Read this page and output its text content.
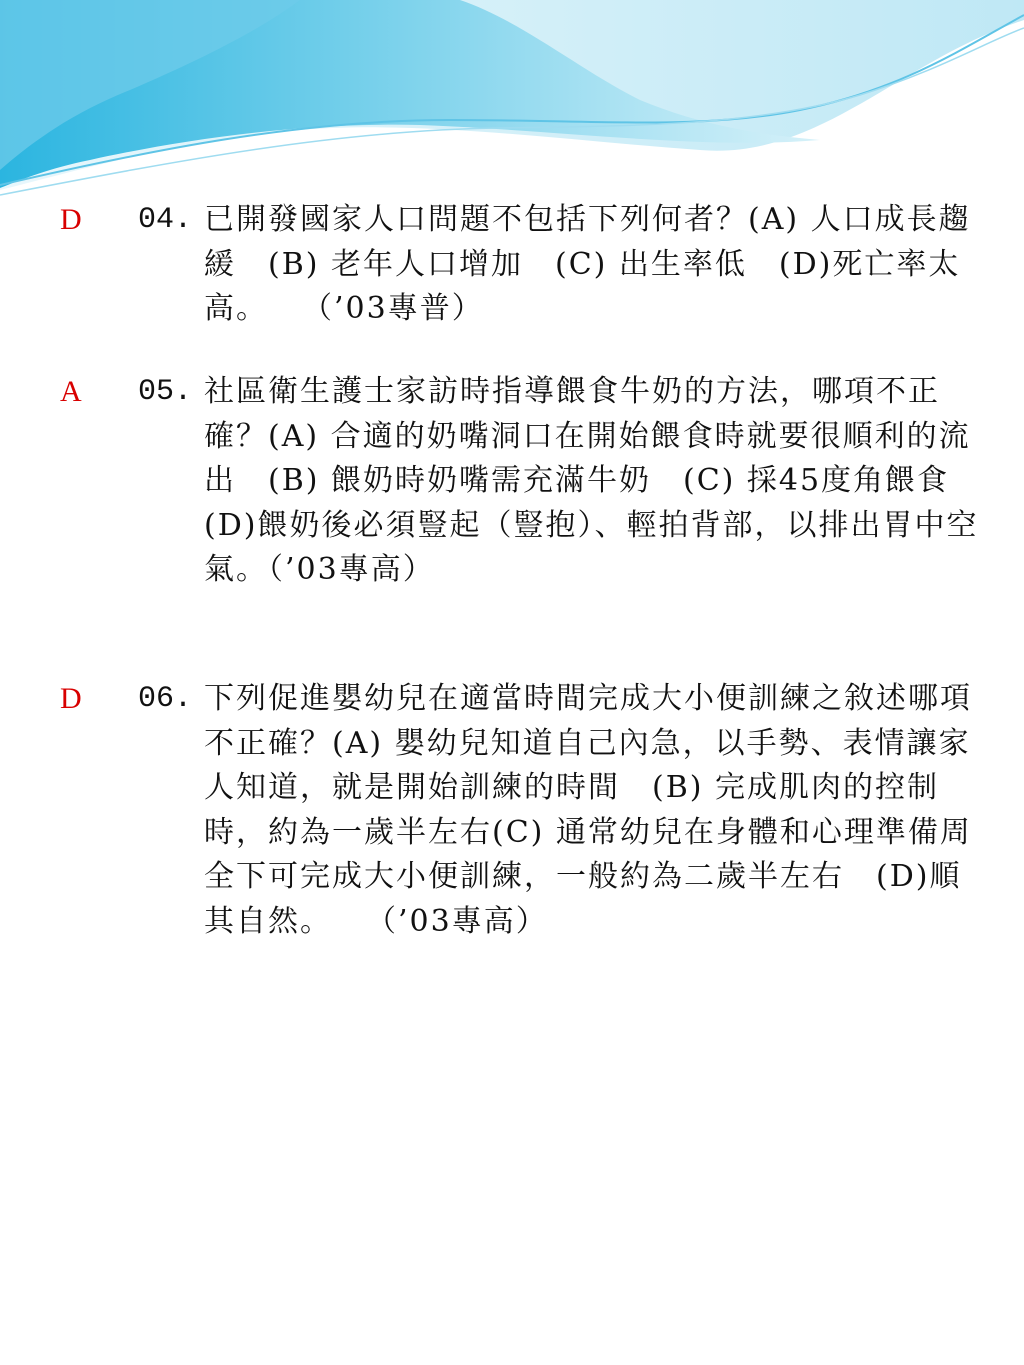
D 04. 已開發國家人口問題不包括下列何者？(A) 人口成長趨緩　(B) 老年人口增加　(C) 出生率低　(D)死亡率太高。　　（’03專普）
A 05. 社區衛生護士家訪時指導餵食牛奶的方法，哪項不正確？(A) 合適的奶嘴洞口在開始餵食時就要很順利的流出　(B) 餵奶時奶嘴需充滿牛奶　(C) 採45度角餵食　(D)餵奶後必須豎起（豎抱）、輕拍背部，以排出胃中空氣。（’03專高）
D 06. 下列促進嬰幼兒在適當時間完成大小便訓練之敘述哪項不正確？(A) 嬰幼兒知道自己內急，以手勢、表情讓家人知道，就是開始訓練的時間　(B) 完成肌肉的控制時，約為一歲半左右(C) 通常幼兒在身體和心理準備周全下可完成大小便訓練，一般約為二歲半左右　(D)順其自然。　　（’03專高）
